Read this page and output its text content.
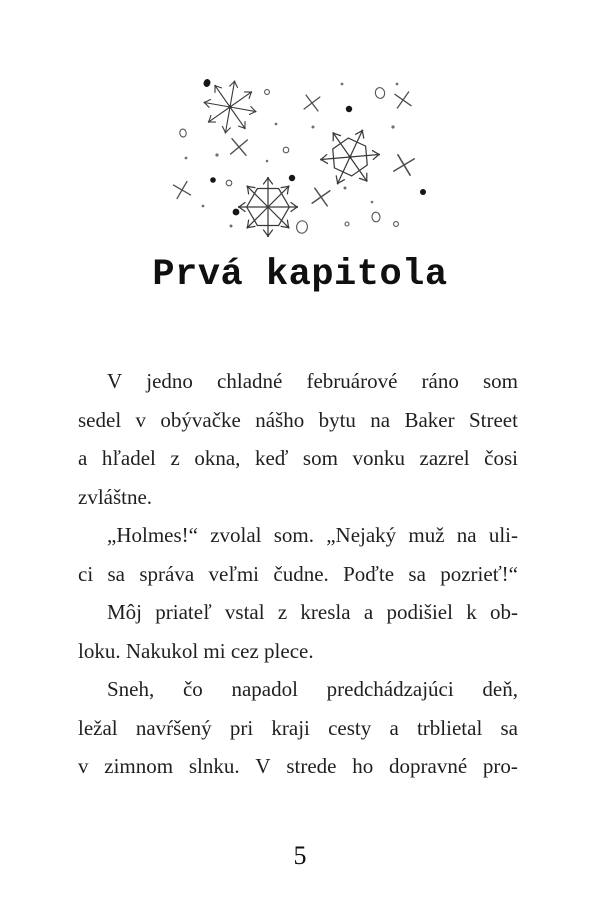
Prvá kapitola
V jedno chladné februárové ráno som
sedel v obývačke nášho bytu na Baker Street
a hľadel z okna, keď som vonku zazrel čosi
zvláštne.
„Holmes!“ zvolal som. „Nejaký muž na uli-
ci sa správa veľmi čudne. Poďte sa pozrieť!“
Môj priateľ vstal z kresla a podišiel k ob-
loku. Nakukol mi cez plece.
Sneh, čo napadol predchádzajúci deň,
ležal navŕšený pri kraji cesty a trblietal sa
v zimnom slnku. V strede ho dopravné pro-
5
